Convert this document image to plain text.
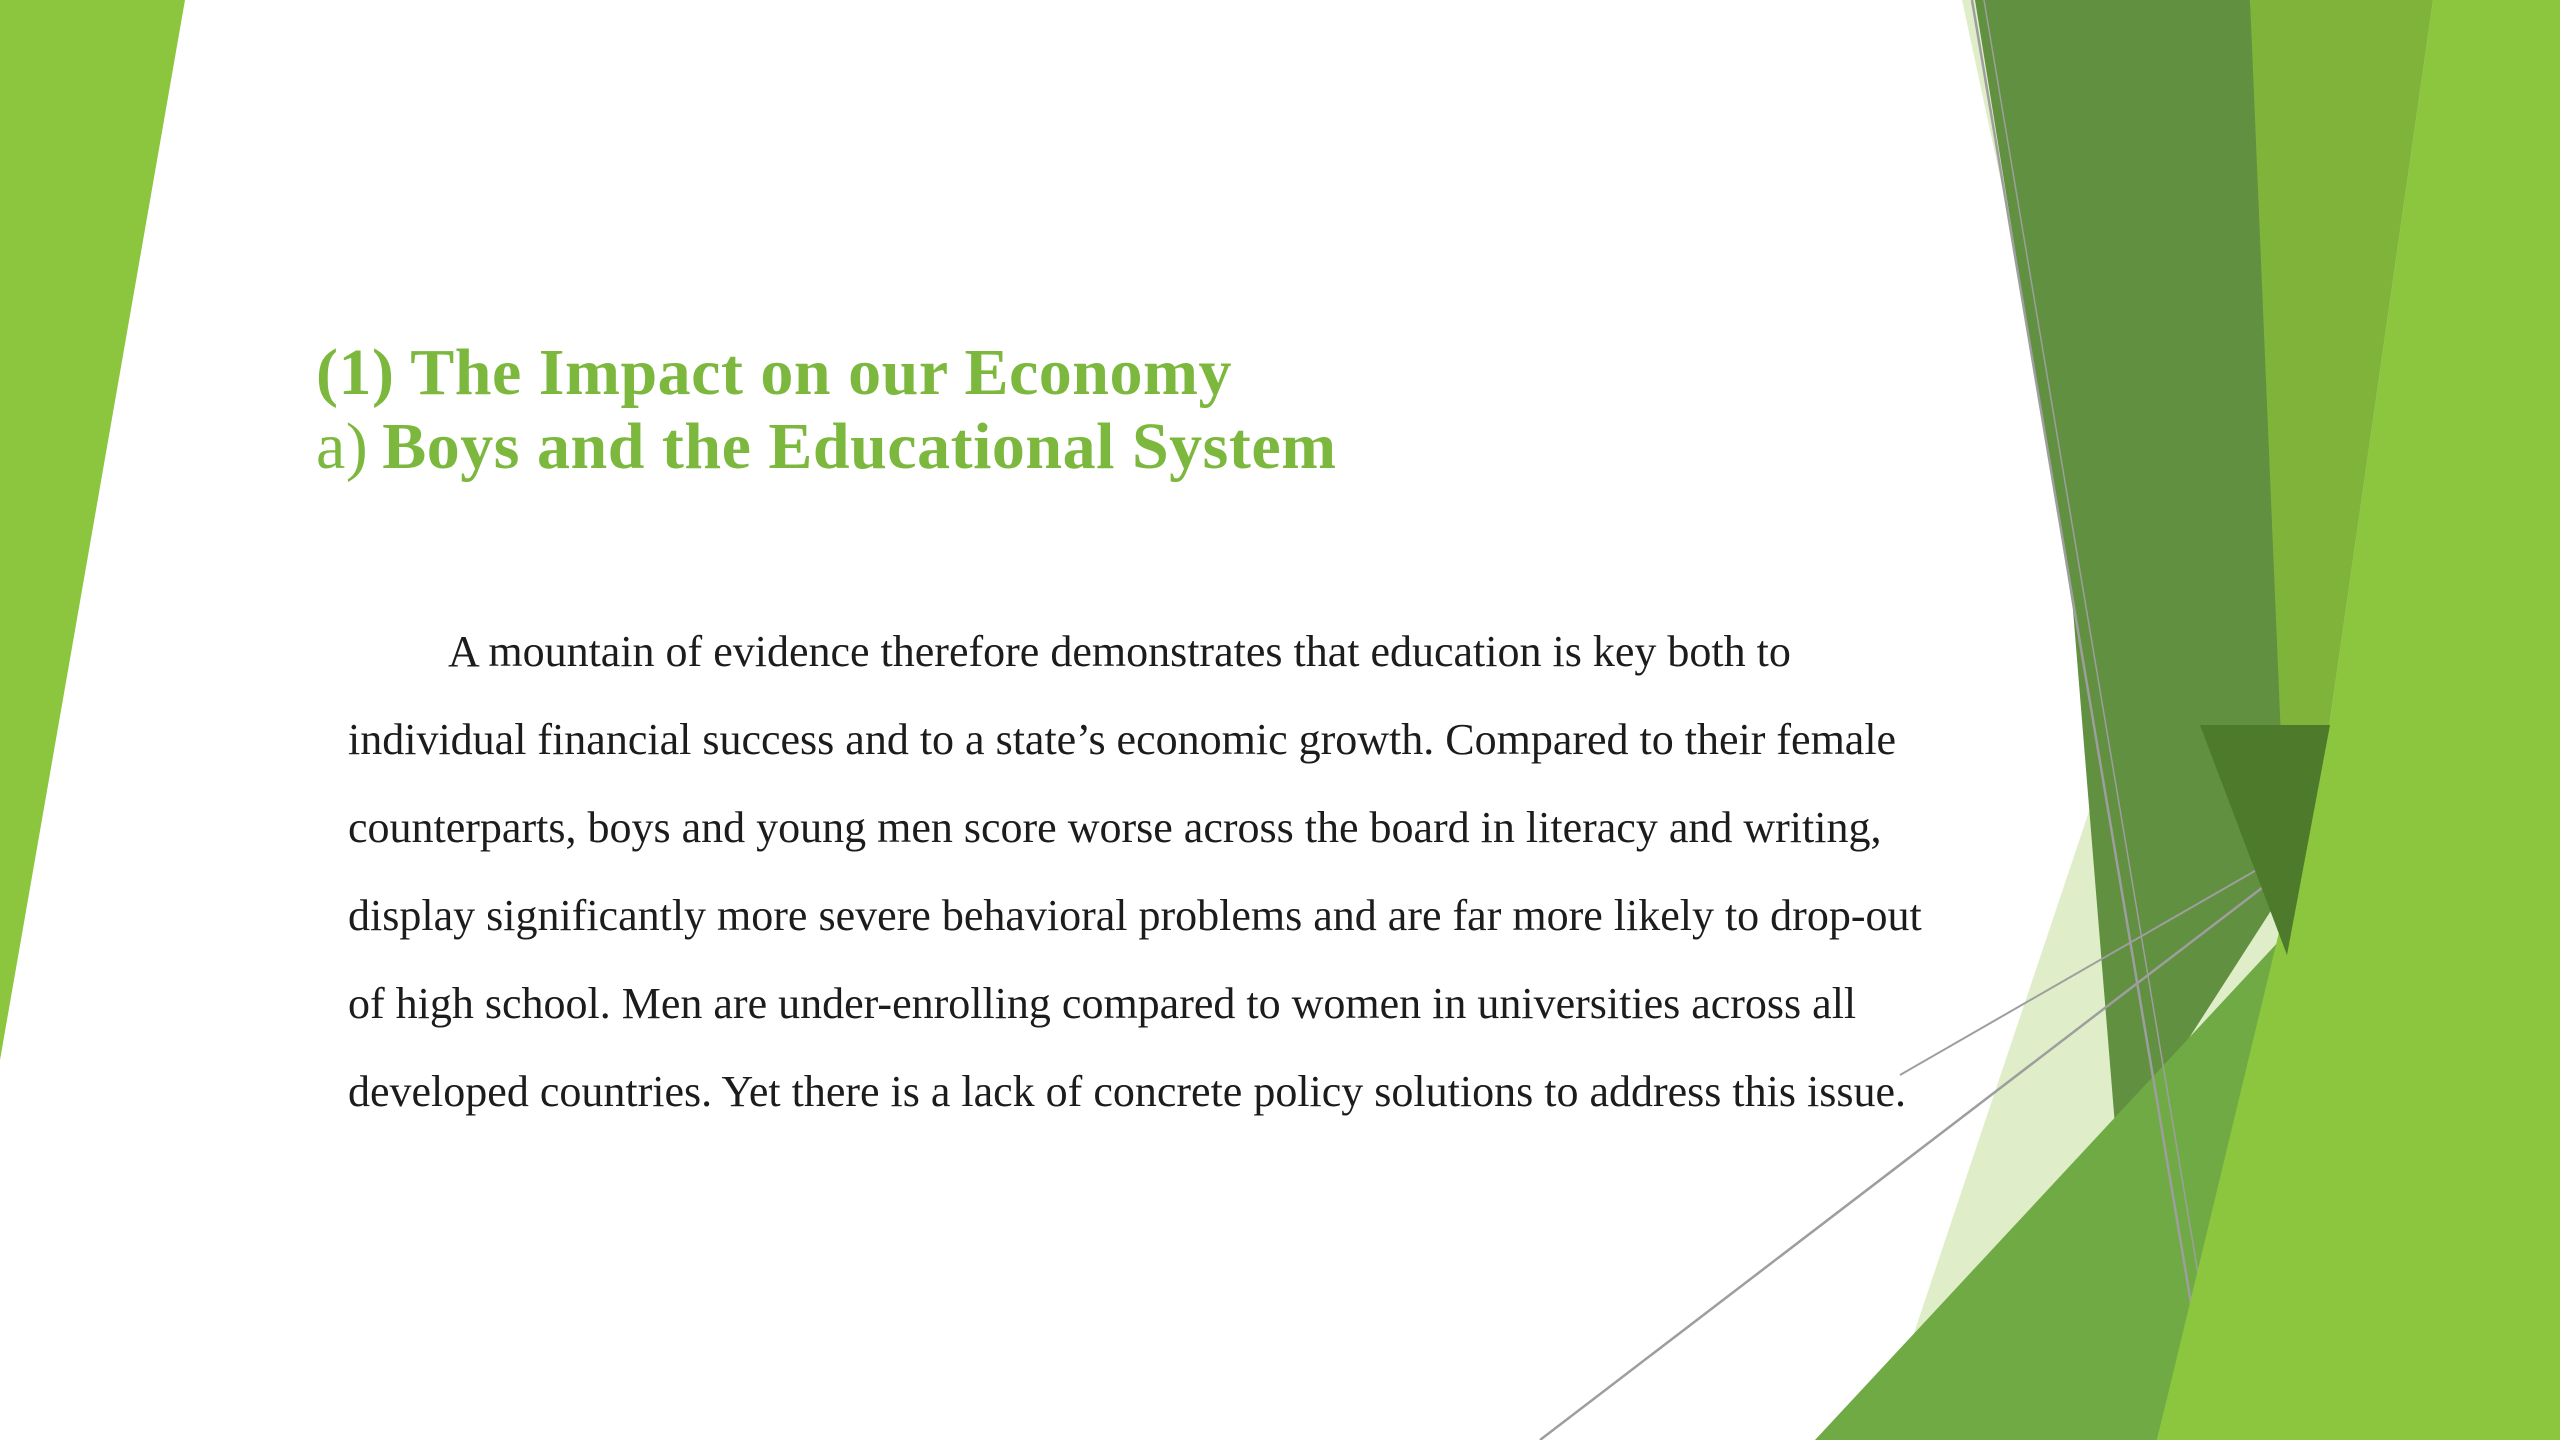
(1) The Impact on our Economy
a) Boys and the Educational System

A mountain of evidence therefore demonstrates that education is key both to individual financial success and to a state’s economic growth. Compared to their female counterparts, boys and young men score worse across the board in literacy and writing, display significantly more severe behavioral problems and are far more likely to drop-out of high school. Men are under-enrolling compared to women in universities across all developed countries. Yet there is a lack of concrete policy solutions to address this issue.
